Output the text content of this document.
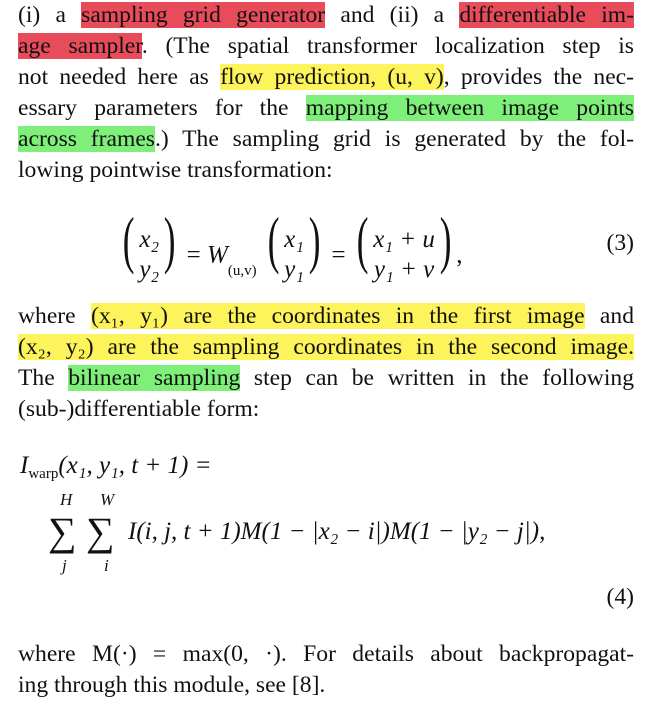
(i) a sampling grid generator and (ii) a differentiable im-
age sampler. (The spatial transformer localization step is
not needed here as flow prediction, (u, v), provides the nec-
essary parameters for the mapping between image points
across frames.) The sampling grid is generated by the fol-
lowing pointwise transformation:
( x₂
y₂ ) = $W_{(u,v)}$ ( x₁
y₁ ) = ( x₁ + u
y₁ + v ) ,	(3)
where (x₁, y₁) are the coordinates in the first image and
(x₂, y₂) are the sampling coordinates in the second image.
The bilinear sampling step can be written in the following
(sub-)differentiable form:
$I_{warp}(x_1$, y₁, t + 1) =
H W
∑ ∑
j i
I(i, j, t + 1)M(1 − |x₂ − i|)M(1 − |y₂ − j|),
(4)
where M(·) = max(0, ·). For details about backpropagat-
ing through this module, see [8].
